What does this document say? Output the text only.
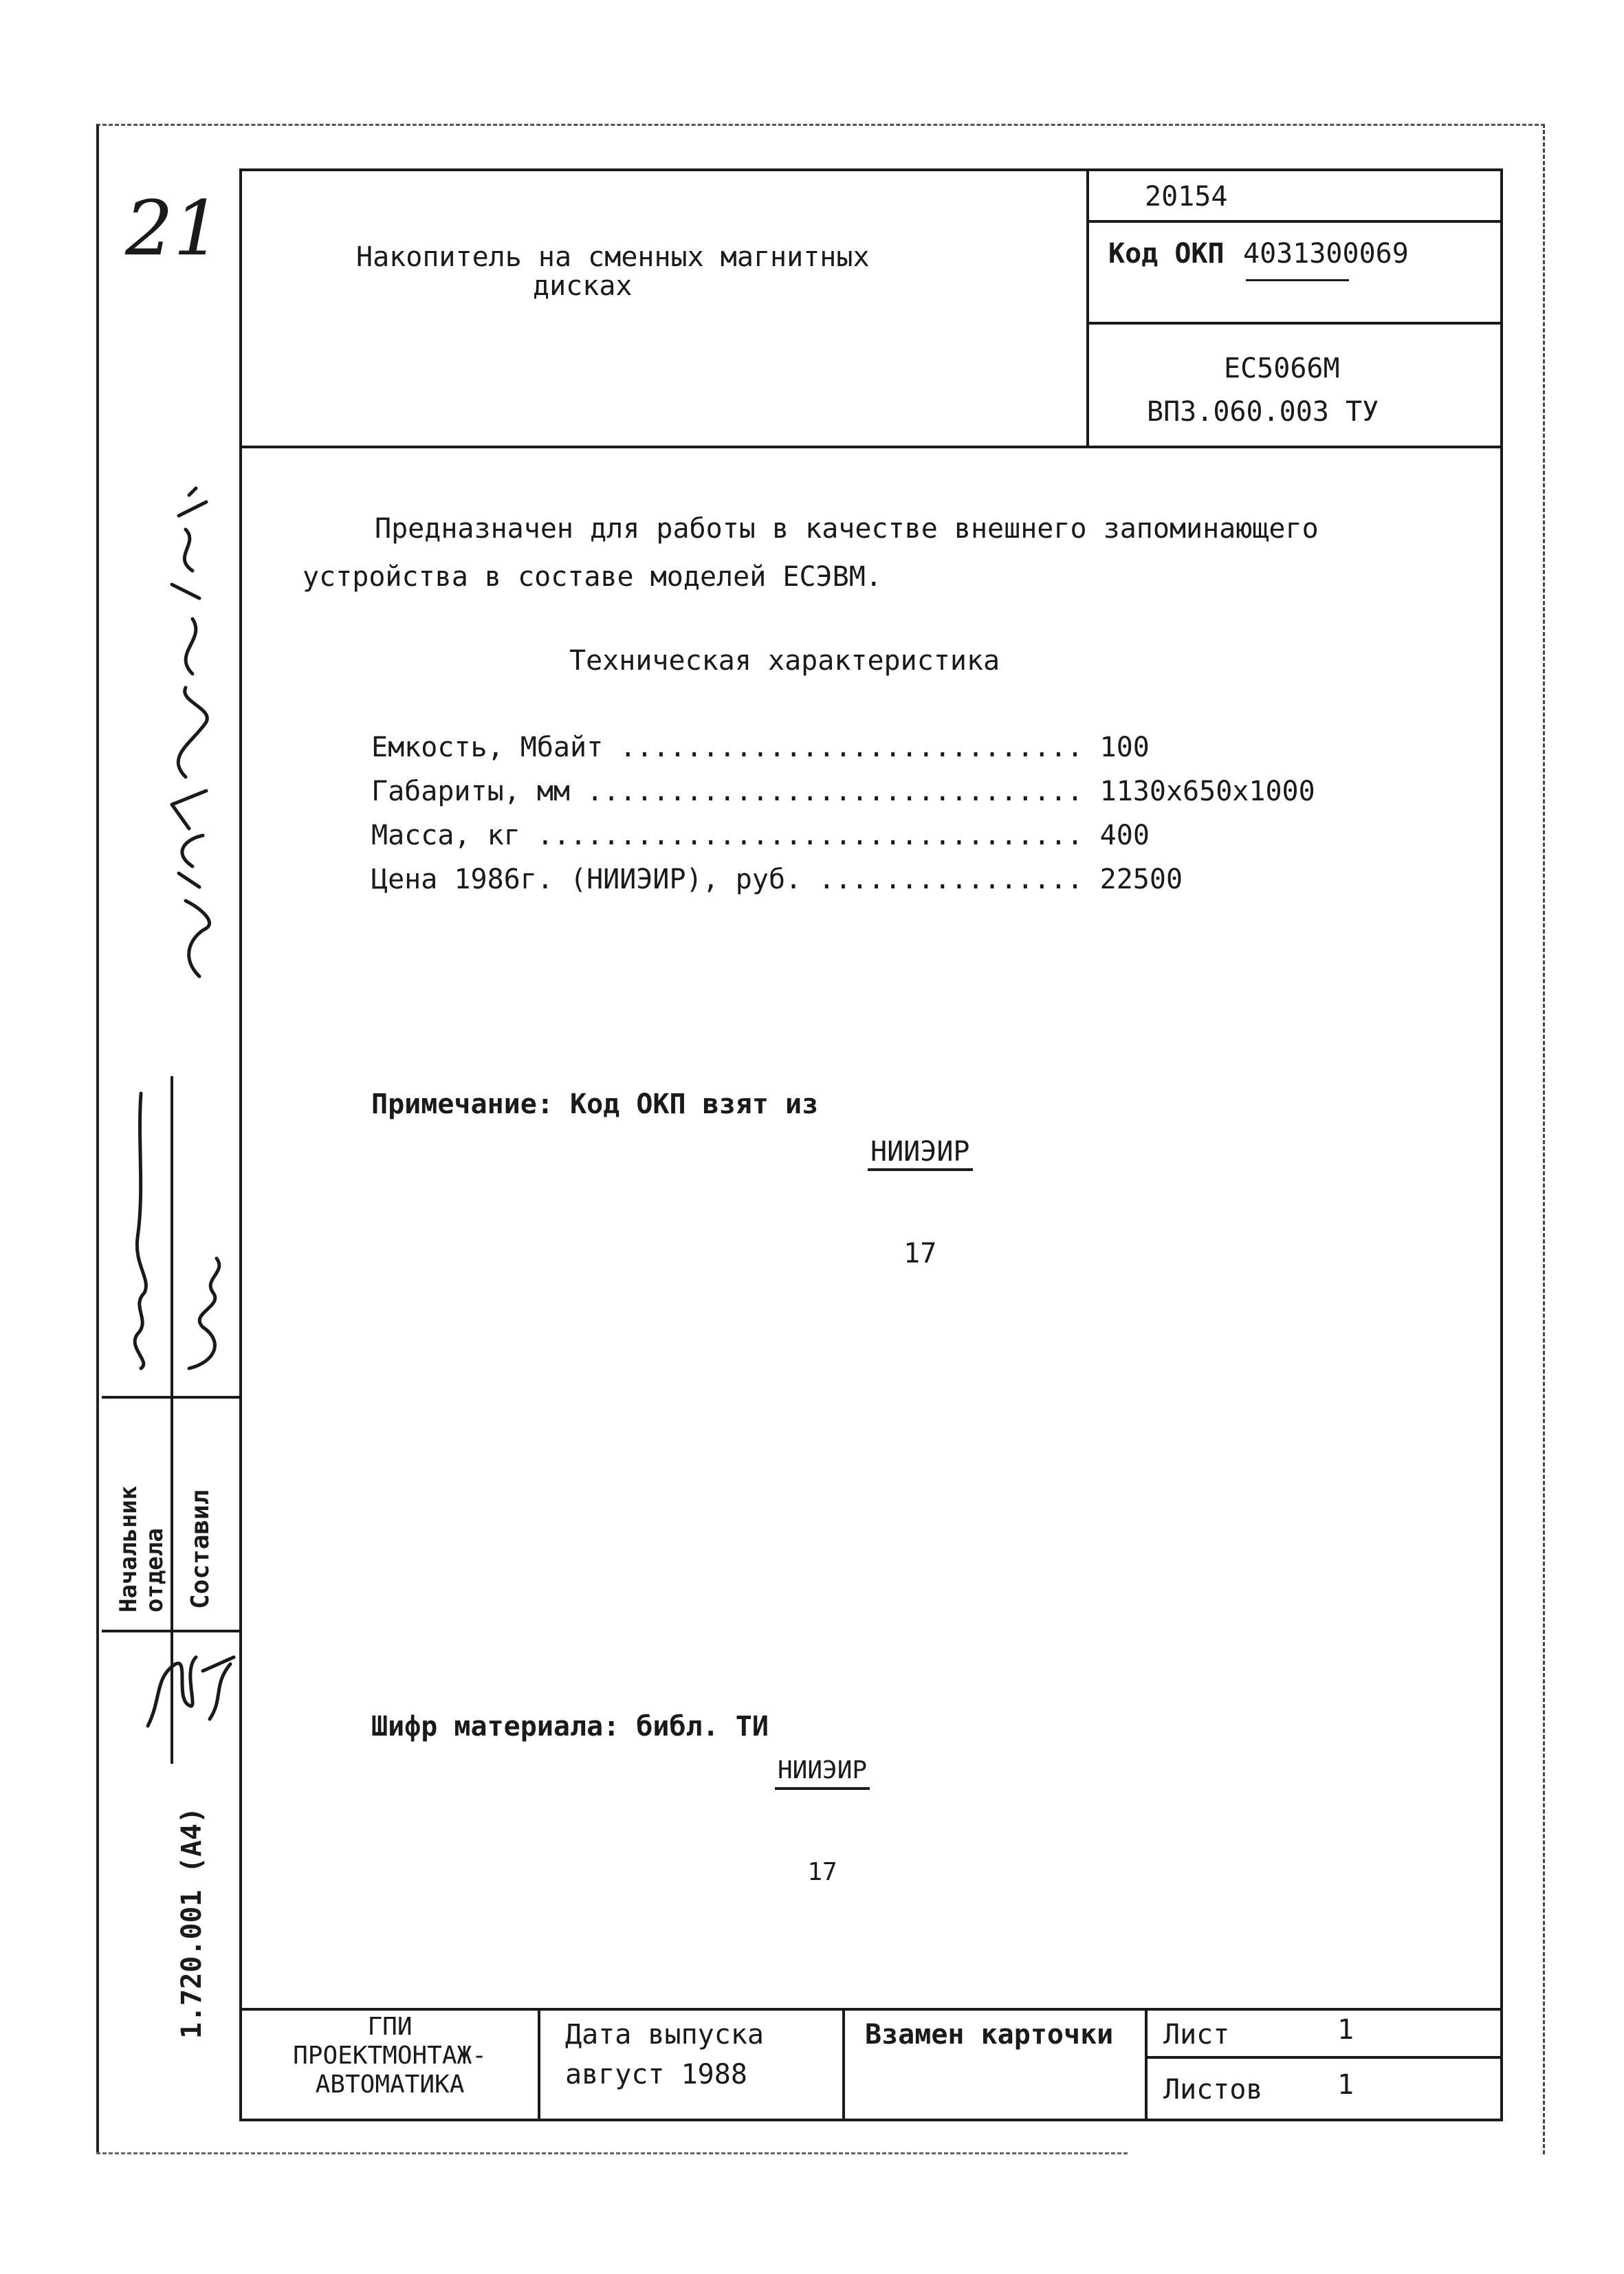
21	Накопитель на сменных магнитных
дисках
20154
Код ОКП 4031300069
ЕС5066М
ВПЗ.060.003 ТУ
Предназначен для работы в качестве внешнего запоминающего
устройства в составе моделей ЕСЭВМ.
Техническая характеристика
Емкость, Мбайт ............................ 100
Габариты, мм .............................. 1130x650x1000
Масса, кг ................................. 400
Цена 1986г. (НИИЭИР), руб. ................ 22500
Примечание: Код ОКП взят из

НИИЭИР

17

Шифр материала: библ. ТИ

НИИЭИР

17

ГПИ
ПРОЕКТМОНТАЖ-
АВТОМАТИКА
Дата выпуска
август 1988
Взамен карточки Лист	1
Листов	1
Начальник отдела Составил
1.720.001 (А4)
